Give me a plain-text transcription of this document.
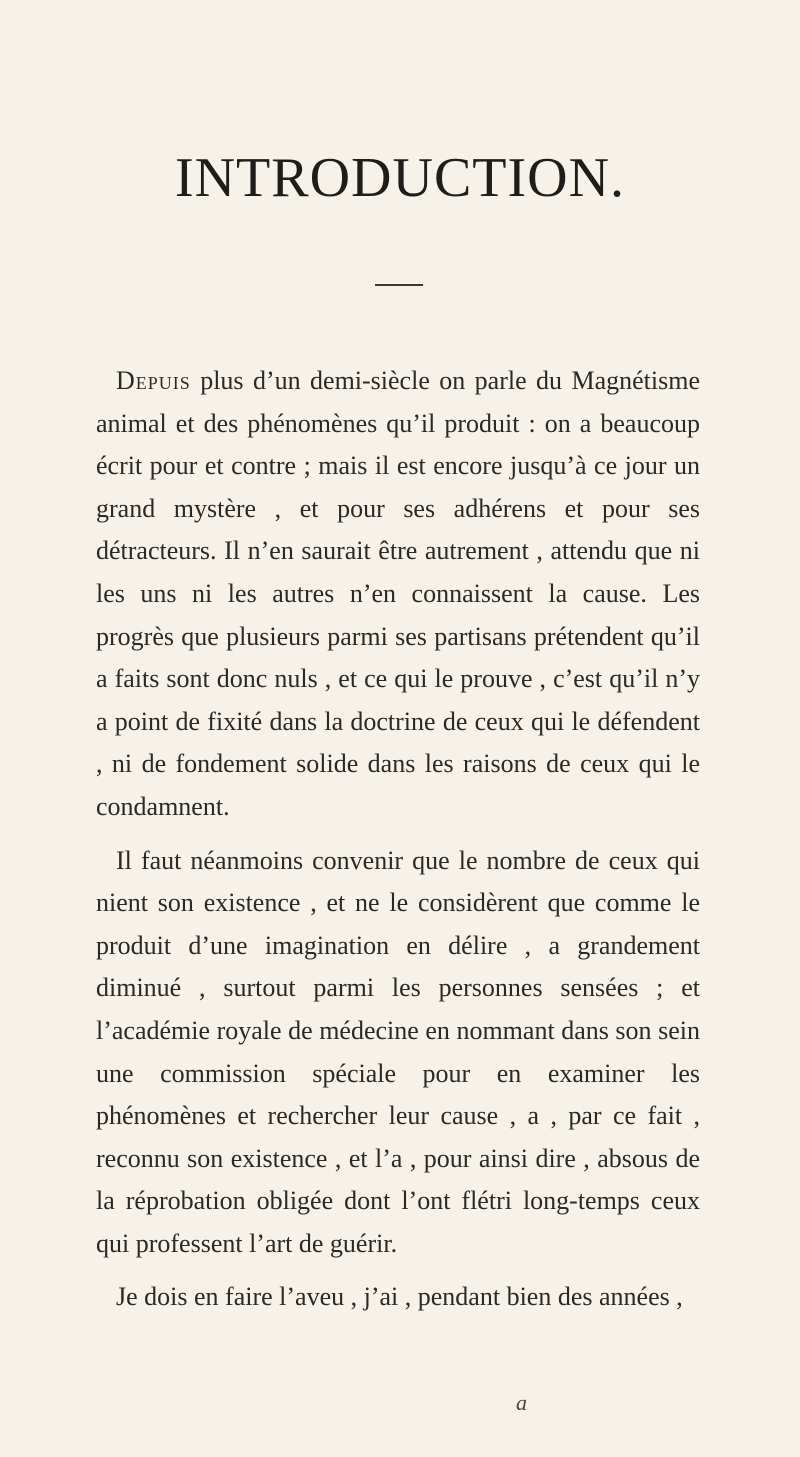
INTRODUCTION.

Depuis plus d’un demi-siècle on parle du Magnétisme animal et des phénomènes qu’il produit : on a beaucoup écrit pour et contre ; mais il est encore jusqu’à ce jour un grand mystère , et pour ses adhérens et pour ses détracteurs. Il n’en saurait être autrement , attendu que ni les uns ni les autres n’en connaissent la cause. Les progrès que plusieurs parmi ses partisans prétendent qu’il a faits sont donc nuls , et ce qui le prouve , c’est qu’il n’y a point de fixité dans la doctrine de ceux qui le défendent , ni de fondement solide dans les raisons de ceux qui le condamnent.

Il faut néanmoins convenir que le nombre de ceux qui nient son existence , et ne le considèrent que comme le produit d’une imagination en délire , a grandement diminué , surtout parmi les personnes sensées ; et l’académie royale de médecine en nommant dans son sein une commission spéciale pour en examiner les phénomènes et rechercher leur cause , a , par ce fait , reconnu son existence , et l’a , pour ainsi dire , absous de la réprobation obligée dont l’ont flétri long-temps ceux qui professent l’art de guérir.

Je dois en faire l’aveu , j’ai , pendant bien des années ,

a
